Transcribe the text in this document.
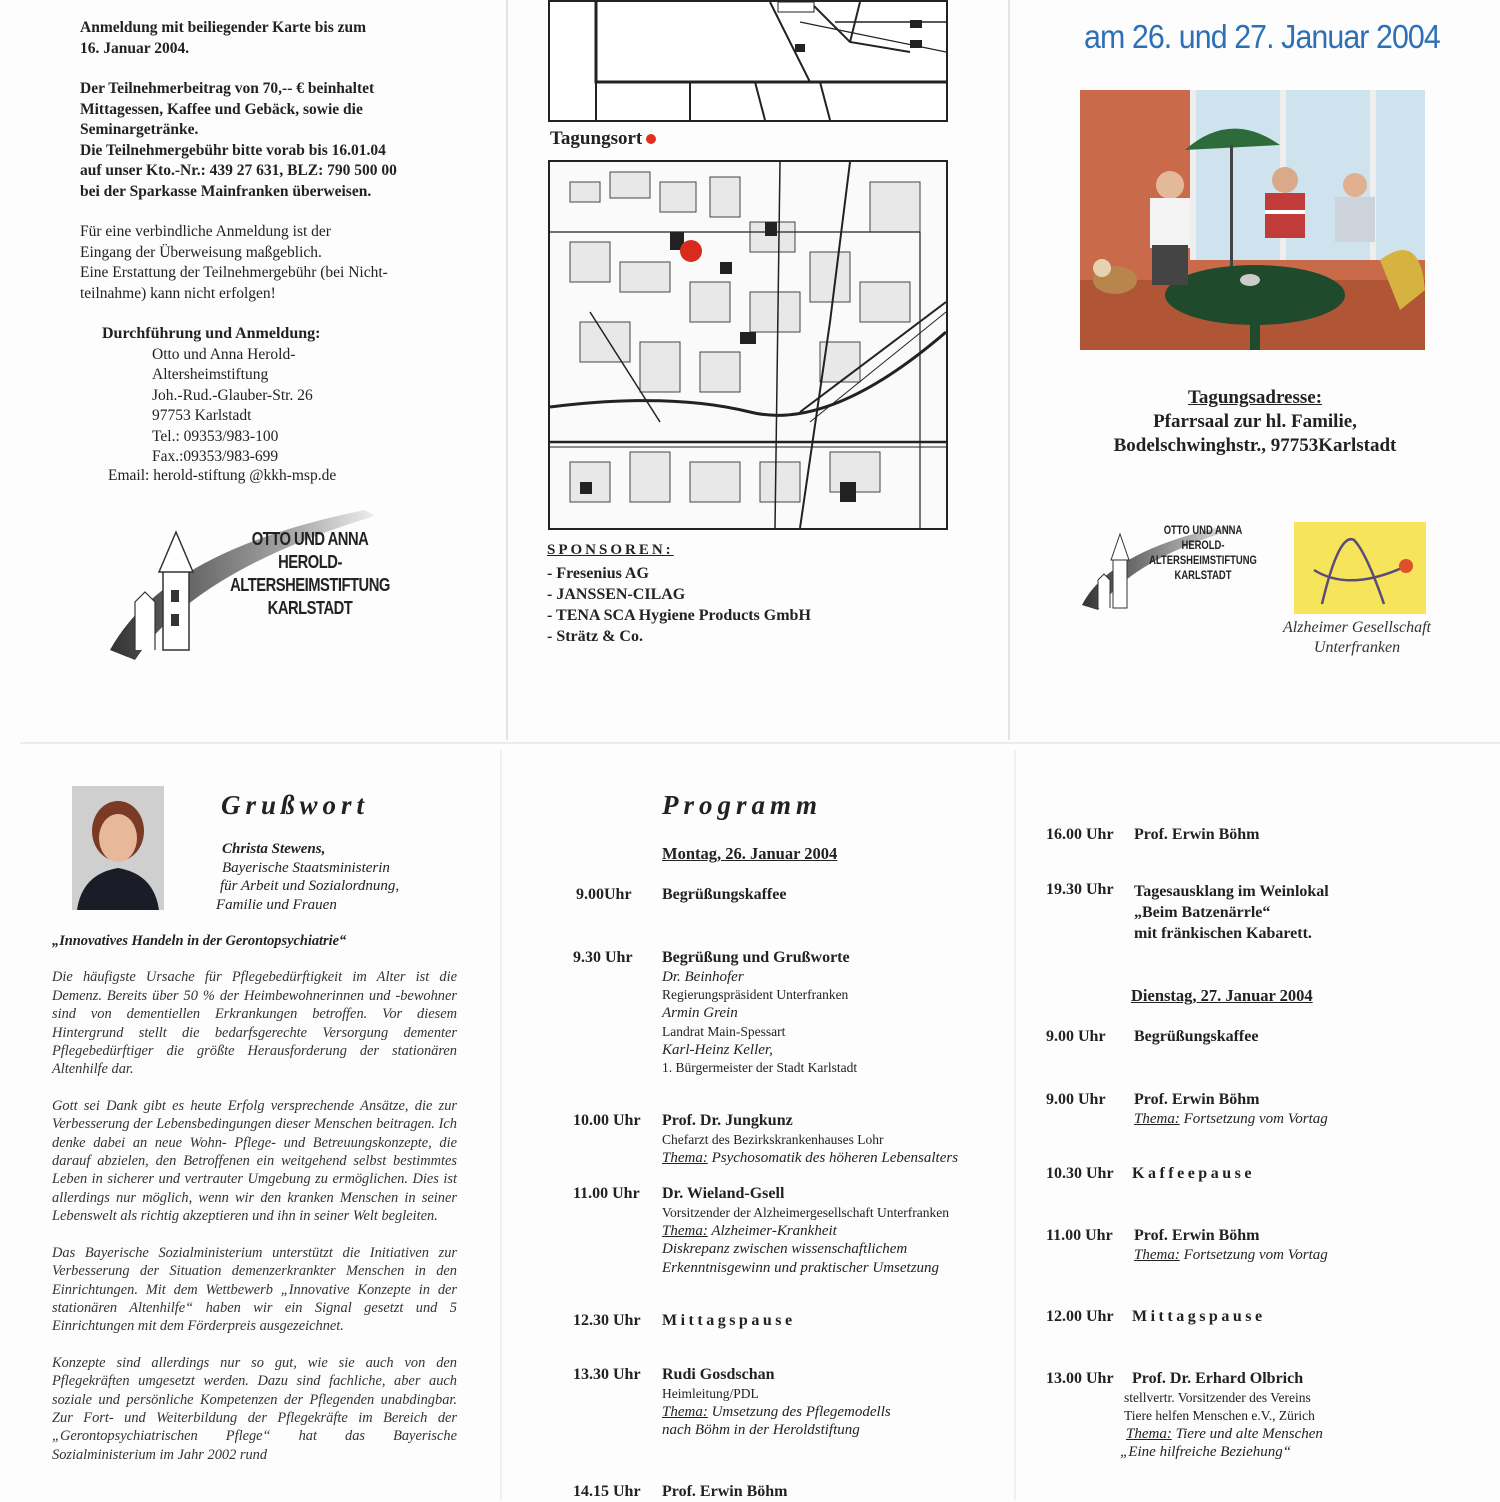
Anmeldung mit beiliegender Karte bis zum

16. Januar 2004.

Der Teilnehmerbeitrag von 70,-- € beinhaltet

Mittagessen, Kaffee und Gebäck, sowie die

Seminargetränke.

Die Teilnehmergebühr bitte vorab bis 16.01.04

auf unser Kto.-Nr.: 439 27 631, BLZ: 790 500 00

bei der Sparkasse Mainfranken überweisen.

Für eine verbindliche Anmeldung ist der

Eingang der Überweisung maßgeblich.

Eine Erstattung der Teilnehmergebühr (bei Nicht-

teilnahme) kann nicht erfolgen!

Durchführung und Anmeldung:

Otto und Anna Herold-

Altersheimstiftung

Joh.-Rud.-Glauber-Str. 26

97753 Karlstadt

Tel.: 09353/983-100

Fax.:09353/983-699

Email: herold-stiftung @kkh-msp.de
OTTO UND ANNA
HEROLD-ALTERSHEIMSTIFTUNG
KARLSTADT
Tagungsort
SPONSOREN:
- Fresenius AG
- JANSSEN-CILAG
- TENA SCA Hygiene Products GmbH
- Strätz & Co.
am 26. und 27. Januar 2004
Tagungsadresse:
Pfarrsaal zur hl. Familie,
Bodelschwinghstr., 97753Karlstadt
OTTO UND ANNA
HEROLD-ALTERSHEIMSTIFTUNG
KARLSTADT
Alzheimer Gesellschaft
Unterfranken
Grußwort
Christa Stewens,
Bayerische Staatsministerin
für Arbeit und Sozialordnung,
Familie und Frauen
„Innovatives Handeln in der Gerontopsychiatrie“
Die häufigste Ursache für Pflegebedürftigkeit im Alter ist die Demenz. Bereits über 50 % der Heimbewohnerinnen und -bewohner sind von dementiellen Erkrankungen betroffen. Vor diesem Hintergrund stellt die bedarfsgerechte Versorgung dementer Pflegebedürftiger die größte Herausforderung der stationären Altenhilfe dar.
Gott sei Dank gibt es heute Erfolg versprechende Ansätze, die zur Verbesserung der Lebensbedingungen dieser Menschen beitragen. Ich denke dabei an neue Wohn- Pflege- und Betreuungskonzepte, die darauf abzielen, den Betroffenen ein weitgehend selbst bestimmtes Leben in sicherer und vertrauter Umgebung zu ermöglichen. Dies ist allerdings nur möglich, wenn wir den kranken Menschen in seiner Lebenswelt als richtig akzeptieren und ihn in seiner Welt begleiten.
Das Bayerische Sozialministerium unterstützt die Initiativen zur Verbesserung der Situation demenzerkrankter Menschen in den Einrichtungen. Mit dem Wettbewerb „Innovative Konzepte in der stationären Altenhilfe“ haben wir ein Signal gesetzt und 5 Einrichtungen mit dem Förderpreis ausgezeichnet.
Konzepte sind allerdings nur so gut, wie sie auch von den Pflegekräften umgesetzt werden. Dazu sind fachliche, aber auch soziale und persönliche Kompetenzen der Pflegenden unabdingbar. Zur Fort- und Weiterbildung der Pflegekräfte im Bereich der „Gerontopsychiatrischen Pflege“ hat das Bayerische Sozialministerium im Jahr 2002 rund
Programm
Montag, 26. Januar 2004
9.00Uhr Begrüßungskaffee
9.30 Uhr Begrüßung und Grußworte
Dr. Beinhofer
Regierungspräsident Unterfranken
Armin Grein
Landrat Main-Spessart
Karl-Heinz Keller,
1. Bürgermeister der Stadt Karlstadt
10.00 Uhr Prof. Dr. Jungkunz
Chefarzt des Bezirkskrankenhauses Lohr
Thema: Psychosomatik des höheren Lebensalters
11.00 Uhr Dr. Wieland-Gsell
Vorsitzender der Alzheimergesellschaft Unterfranken
Thema: Alzheimer-Krankheit
Diskrepanz zwischen wissenschaftlichem
Erkenntnisgewinn und praktischer Umsetzung
12.30 Uhr Mittagspause
13.30 Uhr Rudi Gosdschan
Heimleitung/PDL
Thema: Umsetzung des Pflegemodells
nach Böhm in der Heroldstiftung
14.15 Uhr Prof. Erwin Böhm
16.00 Uhr Prof. Erwin Böhm
19.30 Uhr Tagesausklang im Weinlokal
„Beim Batzenärrle“
mit fränkischen Kabarett.
Dienstag, 27. Januar 2004
9.00 Uhr Begrüßungskaffee
9.00 Uhr Prof. Erwin Böhm
Thema: Fortsetzung vom Vortag
10.30 Uhr Kaffeepause
11.00 Uhr Prof. Erwin Böhm
Thema: Fortsetzung vom Vortag
12.00 Uhr Mittagspause
13.00 Uhr Prof. Dr. Erhard Olbrich
stellvertr. Vorsitzender des Vereins
Tiere helfen Menschen e.V., Zürich
Thema: Tiere und alte Menschen
„Eine hilfreiche Beziehung“
